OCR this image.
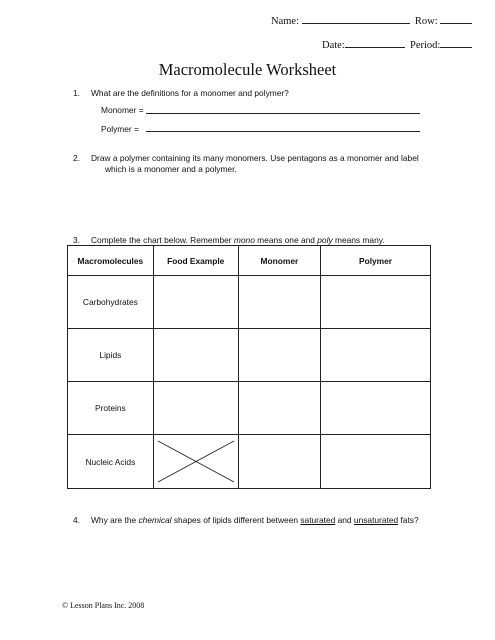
Name:	Row:
Date:	Period:
Macromolecule Worksheet
1. What are the definitions for a monomer and polymer?
Monomer =
Polymer =
2. Draw a polymer containing its many monomers. Use pentagons as a monomer and label
which is a monomer and a polymer.
3. Complete the chart below. Remember mono means one and poly means many.
Macromolecules	Food Example	Monomer	Polymer
Carbohydrates			
Lipids			
Proteins			
Nucleic Acids	

4. Why are the chemical shapes of lipids different between saturated and unsaturated fats?
© Lesson Plans Inc. 2008
